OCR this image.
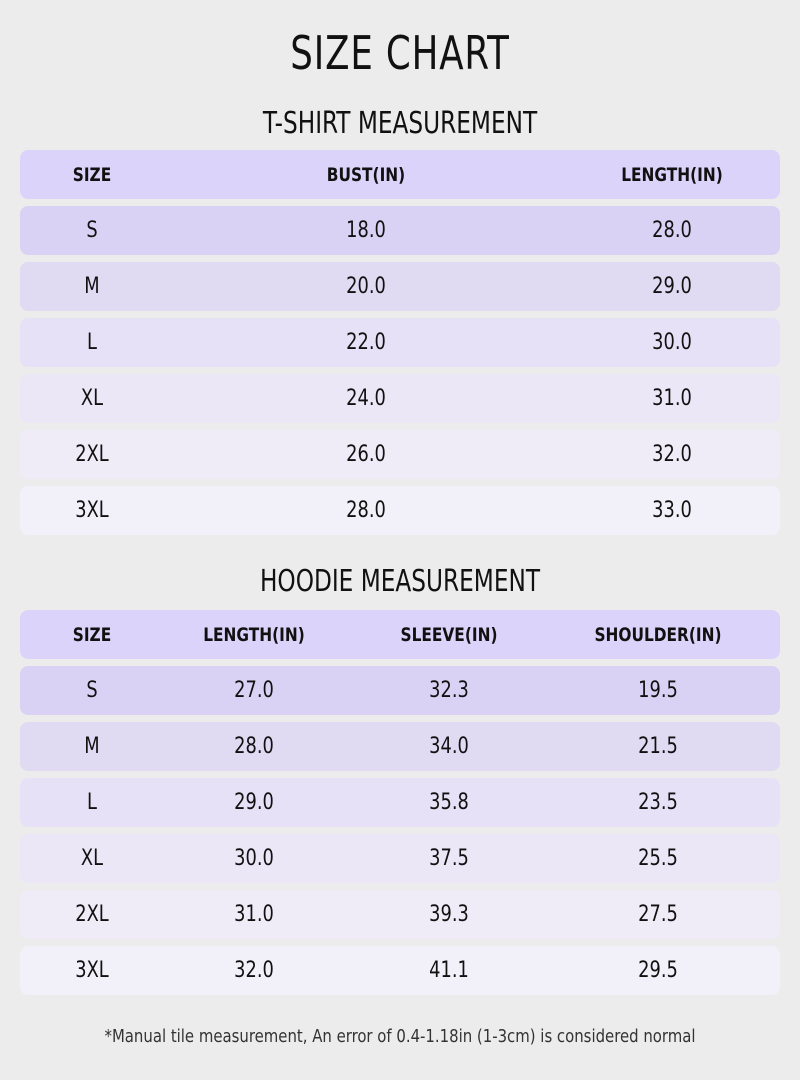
SIZE CHART
T-SHIRT MEASUREMENT
SIZE	BUST(IN)	LENGTH(IN)
S	18.0	28.0
M	20.0	29.0
L	22.0	30.0
XL	24.0	31.0
2XL	26.0	32.0
3XL	28.0	33.0
HOODIE MEASUREMENT
SIZE	LENGTH(IN)	SLEEVE(IN)	SHOULDER(IN)
S	27.0	32.3	19.5
M	28.0	34.0	21.5
L	29.0	35.8	23.5
XL	30.0	37.5	25.5
2XL	31.0	39.3	27.5
3XL	32.0	41.1	29.5
*Manual tile measurement, An error of 0.4-1.18in (1-3cm) is considered normal
